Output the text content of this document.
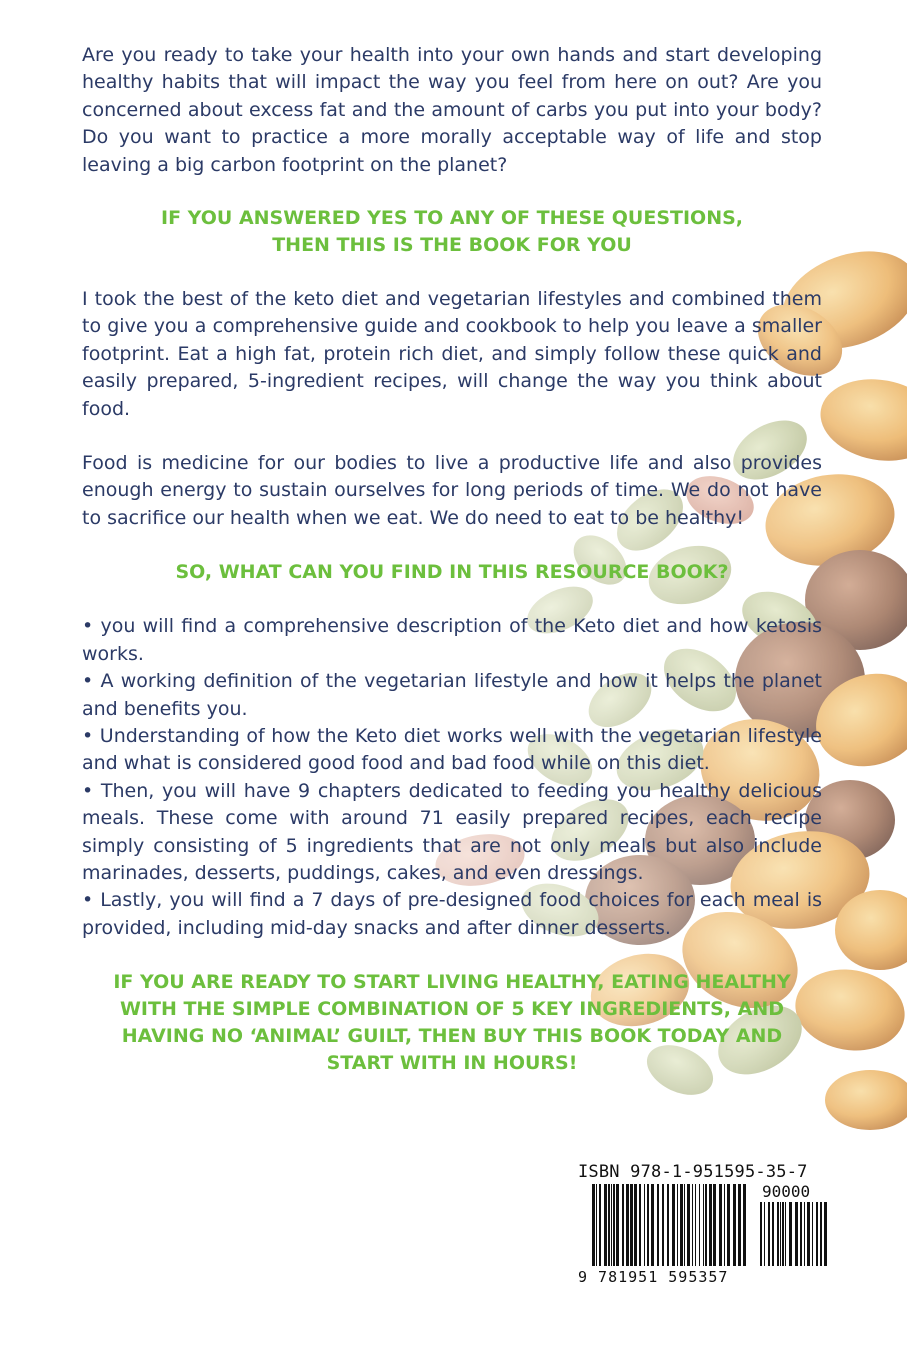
Are you ready to take your health into your own hands and start developing healthy habits that will impact the way you feel from here on out? Are you concerned about excess fat and the amount of carbs you put into your body? Do you want to practice a more morally acceptable way of life and stop leaving a big carbon footprint on the planet?

IF YOU ANSWERED YES TO ANY OF THESE QUESTIONS,

THEN THIS IS THE BOOK FOR YOU

I took the best of the keto diet and vegetarian lifestyles and combined them to give you a comprehensive guide and cookbook to help you leave a smaller footprint. Eat a high fat, protein rich diet, and simply follow these quick and easily prepared, 5-ingredient recipes, will change the way you think about food.

Food is medicine for our bodies to live a productive life and also provides enough energy to sustain ourselves for long periods of time. We do not have to sacrifice our health when we eat. We do need to eat to be healthy!

SO, WHAT CAN YOU FIND IN THIS RESOURCE BOOK?

• you will find a comprehensive description of the Keto diet and how ketosis works.
• A working definition of the vegetarian lifestyle and how it helps the planet and benefits you.
• Understanding of how the Keto diet works well with the vegetarian lifestyle and what is considered good food and bad food while on this diet.
• Then, you will have 9 chapters dedicated to feeding you healthy delicious meals. These come with around 71 easily prepared recipes, each recipe simply consisting of 5 ingredients that are not only meals but also include marinades, desserts, puddings, cakes, and even dressings.
• Lastly, you will find a 7 days of pre-designed food choices for each meal is provided, including mid-day snacks and after dinner desserts.

IF YOU ARE READY TO START LIVING HEALTHY, EATING HEALTHY

WITH THE SIMPLE COMBINATION OF 5 KEY INGREDIENTS, AND

HAVING NO ‘ANIMAL’ GUILT, THEN BUY THIS BOOK TODAY AND

START WITH IN HOURS!

ISBN 978-1-951595-35-7
90000
9 781951 595357
